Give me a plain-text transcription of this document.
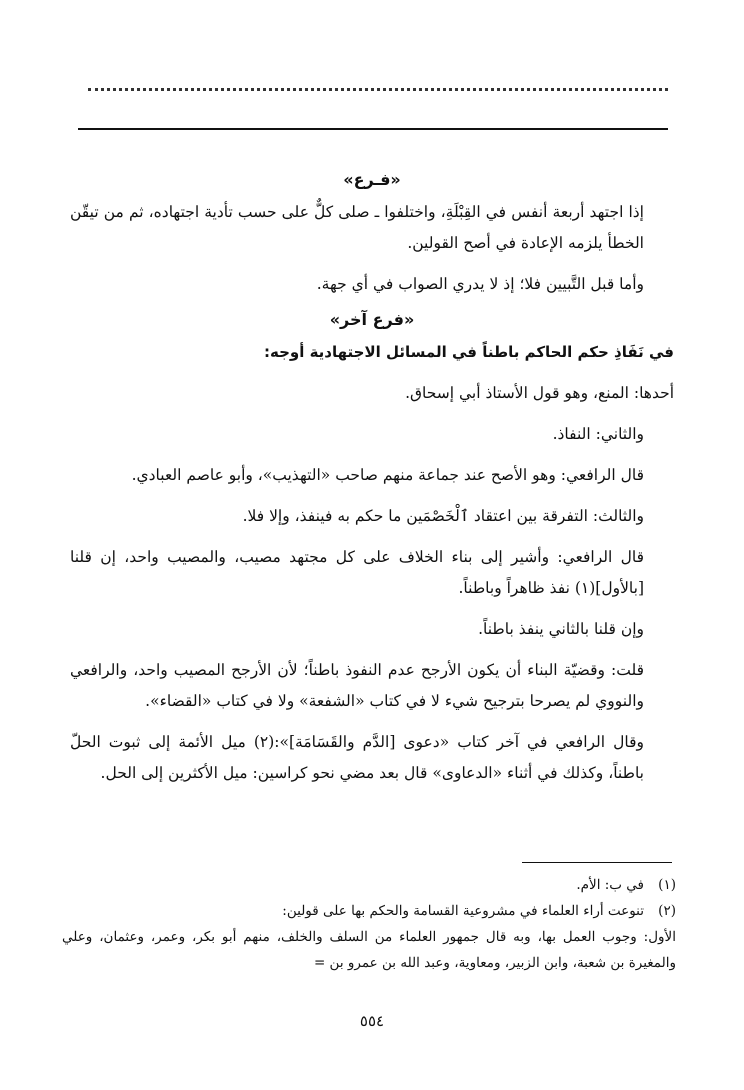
«فـرع»
إذا اجتهد أربعة أنفس في القِبْلَةِ، واختلفوا ـ صلى كلٌّ على حسب تأدية اجتهاده، ثم من تيقّن الخطأ يلزمه الإعادة في أصح القولين.
وأما قبل التَّبيين فلا؛ إذ لا يدري الصواب في أي جهة.
«فرع آخر»
في نَفَاذِ حكم الحاكم باطناً في المسائل الاجتهادية أوجه:
أحدها: المنع، وهو قول الأستاذ أبي إسحاق.
والثاني: النفاذ.
قال الرافعي: وهو الأصح عند جماعة منهم صاحب «التهذيب»، وأبو عاصم العبادي.
والثالث: التفرقة بين اعتقاد ٱلْخَصْمَين ما حكم به فينفذ، وإلا فلا.
قال الرافعي: وأشير إلى بناء الخلاف على كل مجتهد مصيب، والمصيب واحد، إن قلنا [بالأول](١) نفذ ظاهراً وباطناً.
وإن قلنا بالثاني ينفذ باطناً.
قلت: وقضيّة البناء أن يكون الأرجح عدم النفوذ باطناً؛ لأن الأرجح المصيب واحد، والرافعي والنووي لم يصرحا بترجيح شيء لا في كتاب «الشفعة» ولا في كتاب «القضاء».
وقال الرافعي في آخر كتاب «دعوى [الدَّم والقَسَامَة]»:(٢) ميل الأئمة إلى ثبوت الحلّ باطناً، وكذلك في أثناء «الدعاوى» قال بعد مضي نحو كراسين: ميل الأكثرين إلى الحل.
(١)
في ب: الأم.
(٢)
تنوعت أراء العلماء في مشروعية القسامة والحكم بها على قولين:

الأول: وجوب العمل بها، وبه قال جمهور العلماء من السلف والخلف، منهم أبو بكر، وعمر، وعثمان، وعلي والمغيرة بن شعبة، وابن الزبير، ومعاوية، وعبد الله بن عمرو بن =

٥٥٤
